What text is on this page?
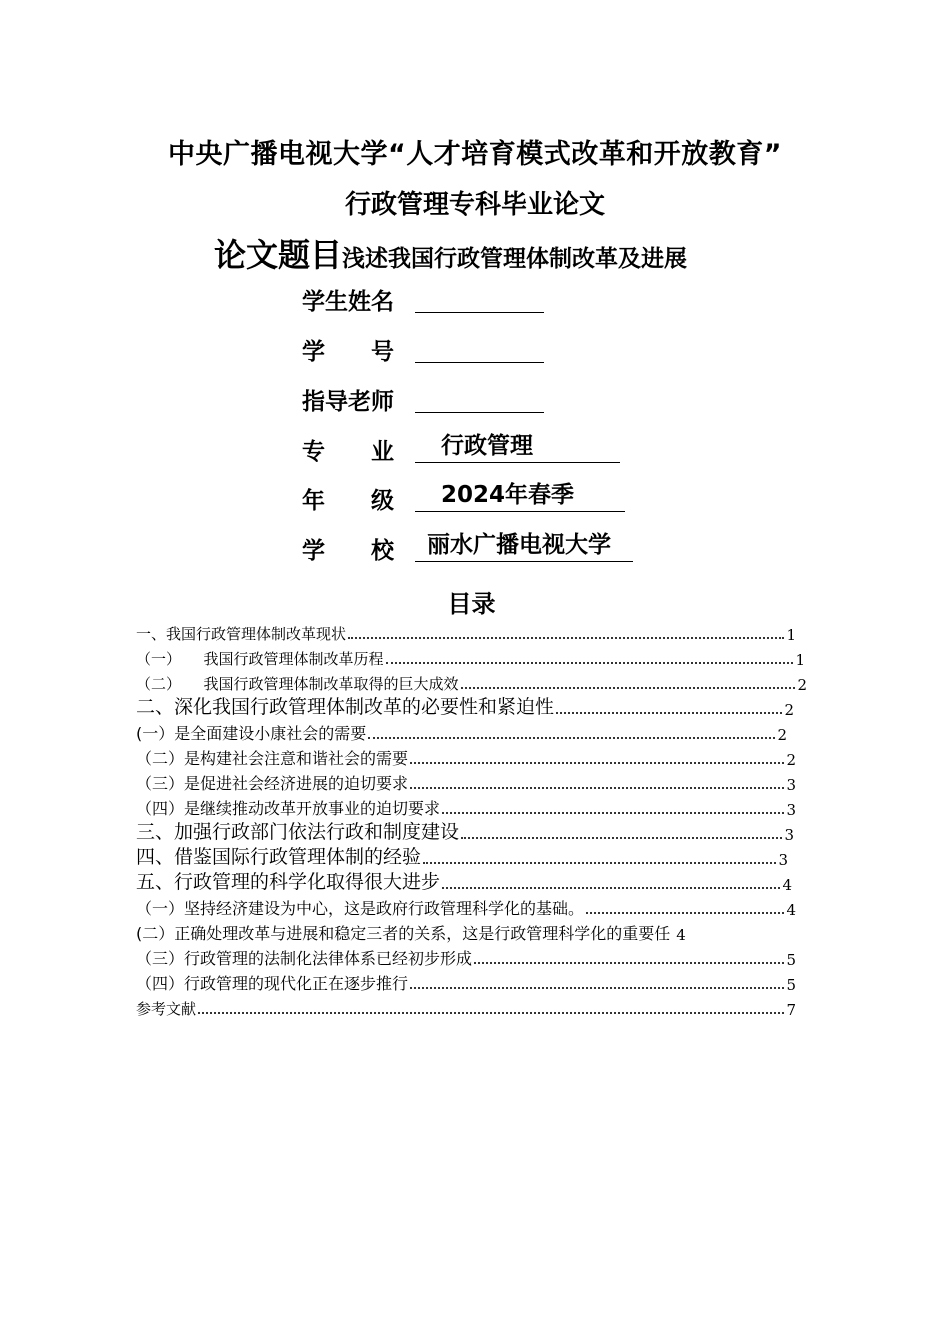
中央广播电视大学“人才培育模式改革和开放教育”
行政管理专科毕业论文
论文题目浅述我国行政管理体制改革及进展
学生姓名
学　　号
指导老师
专　　业 行政管理
年　　级 2024年春季
学　　校 丽水广播电视大学
目录
一、我国行政管理体制改革现状	1
（一）　　我国行政管理体制改革历程	1
（二）　　我国行政管理体制改革取得的巨大成效	2
二、深化我国行政管理体制改革的必要性和紧迫性	2
(一）是全面建设小康社会的需要	2
（二）是构建社会注意和谐社会的需要	2
（三）是促进社会经济进展的迫切要求	3
（四）是继续推动改革开放事业的迫切要求	3
三、加强行政部门依法行政和制度建设	3
四、借鉴国际行政管理体制的经验	3
五、行政管理的科学化取得很大进步	4
（一）坚持经济建设为中心，这是政府行政管理科学化的基础。	4
(二）正确处理改革与进展和稳定三者的关系，这是行政管理科学化的重要任 4
（三）行政管理的法制化法律体系已经初步形成	5
（四）行政管理的现代化正在逐步推行	5
参考文献	7
